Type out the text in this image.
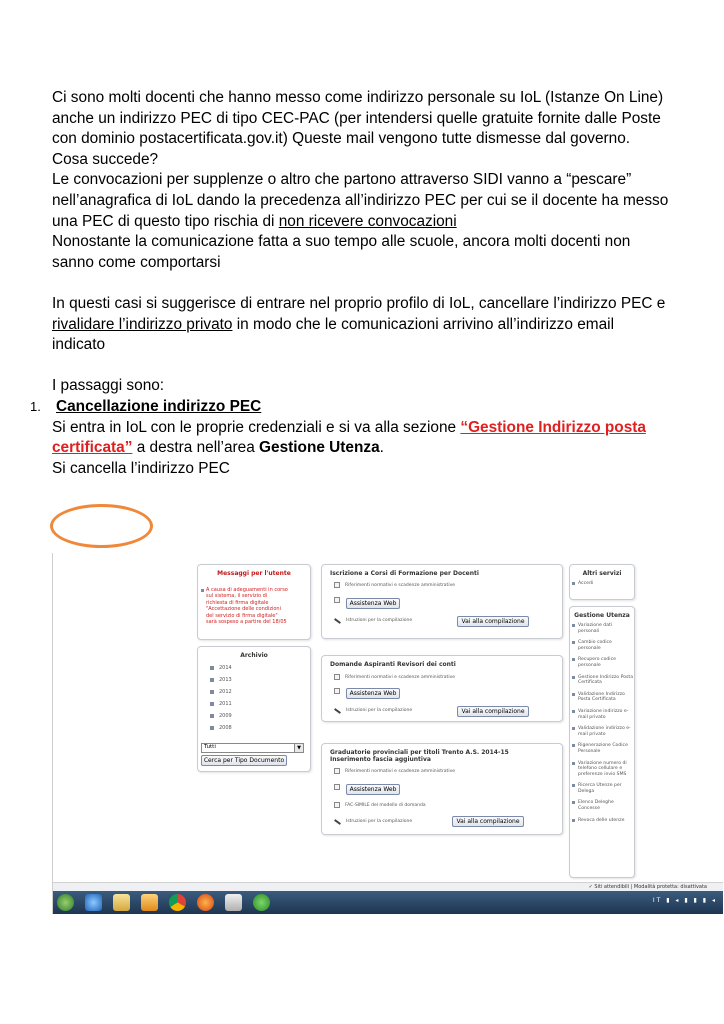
Ci sono molti docenti che hanno messo come indirizzo personale su IoL (Istanze On Line)

anche un indirizzo PEC di tipo CEC-PAC (per intendersi quelle gratuite fornite dalle Poste

con dominio postacertificata.gov.it) Queste mail vengono tutte dismesse dal governo.

Cosa succede?

Le convocazioni per supplenze o altro che partono attraverso SIDI vanno a “pescare”

nell’anagrafica di IoL dando la precedenza all’indirizzo PEC per cui se il docente ha messo

una PEC di questo tipo rischia di non ricevere convocazioni

Nonostante la comunicazione fatta a suo tempo alle scuole, ancora molti docenti non

sanno come comportarsi

In questi casi si suggerisce di entrare nel proprio profilo di IoL, cancellare l’indirizzo PEC e

rivalidare l’indirizzo privato in modo che le comunicazioni arrivino all’indirizzo email

indicato

I passaggi sono:

1. Cancellazione indirizzo PEC

Si entra in IoL con le proprie credenziali e si va alla sezione “Gestione Indirizzo posta

certificata” a destra nell’area Gestione Utenza.

Si cancella l’indirizzo PEC

Messaggi per l'utente
A causa di adeguamenti in corso sul sistema, il servizio di richiesta di firma digitale "Accettazione delle condizioni del servizio di firma digitale" sarà sospeso a partire del 18/05
Archivio
2014
2013
2012
2011
2009
2008
Tutti	▼
Cerca per Tipo Documento
Iscrizione a Corsi di Formazione per Docenti
Riferimenti normativi e scadenze amministrative
Assistenza Web
Istruzioni per la compilazione	Vai alla compilazione
Domande Aspiranti Revisori dei conti
Riferimenti normativi e scadenze amministrative
Assistenza Web
Istruzioni per la compilazione	Vai alla compilazione
Graduatorie provinciali per titoli Trento A.S. 2014-15 Inserimento fascia aggiuntiva
Riferimenti normativi e scadenze amministrative
Assistenza Web
FAC-SIMILE del modello di domanda
Istruzioni per la compilazione	Vai alla compilazione
Altri servizi
Accedi
Gestione Utenza
Variazione dati personali
Cambio codice personale
Recupero codice personale
Gestione Indirizzo Posta Certificata
Validazione Indirizzo Posta Certificata
Variazione indirizzo e-mail privato
Validazione indirizzo e-mail privato
Rigenerazione Codice Personale
Variazione numero di telefono cellulare e preferenze invio SMS
Ricerca Utenze per Delega
Elenco Deleghe Concesse
Revoca delle utenze
✓ Siti attendibili | Modalità protetta: disattivata
IT ▮ ◂ ▮ ▮ ▮ ◂
